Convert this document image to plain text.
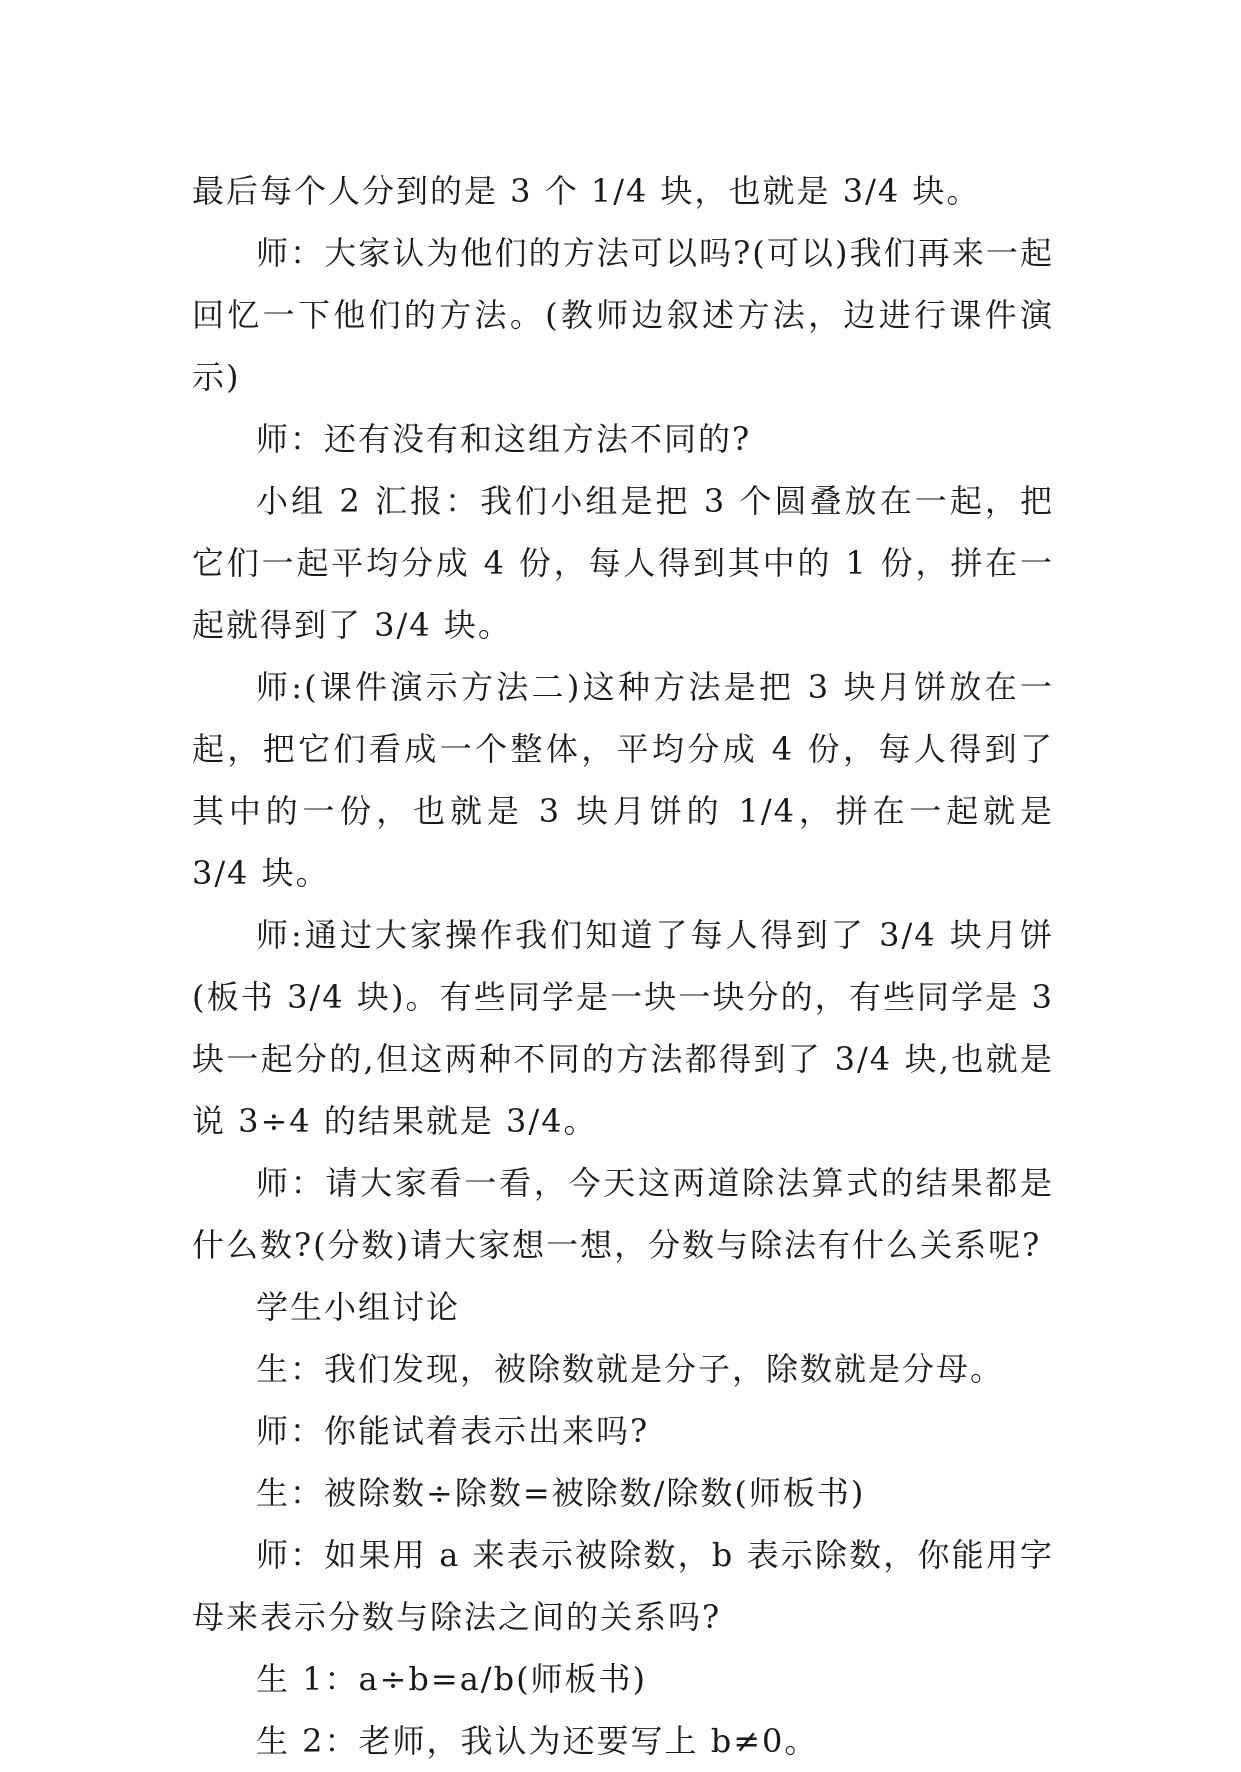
最后每个人分到的是 3 个 1/4 块，也就是 3/4 块。

师：大家认为他们的方法可以吗?(可以)我们再来一起回忆一下他们的方法。(教师边叙述方法，边进行课件演示)

师：还有没有和这组方法不同的?

小组 2 汇报：我们小组是把 3 个圆叠放在一起，把它们一起平均分成 4 份，每人得到其中的 1 份，拼在一起就得到了 3/4 块。

师:(课件演示方法二)这种方法是把 3 块月饼放在一起，把它们看成一个整体，平均分成 4 份，每人得到了其中的一份，也就是 3 块月饼的 1/4，拼在一起就是 3/4 块。

师:通过大家操作我们知道了每人得到了 3/4 块月饼(板书 3/4 块)。有些同学是一块一块分的，有些同学是 3 块一起分的,但这两种不同的方法都得到了 3/4 块,也就是说 3÷4 的结果就是 3/4。

师：请大家看一看，今天这两道除法算式的结果都是什么数?(分数)请大家想一想，分数与除法有什么关系呢?

学生小组讨论

生：我们发现，被除数就是分子，除数就是分母。

师：你能试着表示出来吗?

生：被除数÷除数=被除数/除数(师板书)

师：如果用 a 来表示被除数，b 表示除数，你能用字母来表示分数与除法之间的关系吗?

生 1：a÷b=a/b(师板书)

生 2：老师，我认为还要写上 b≠0。
